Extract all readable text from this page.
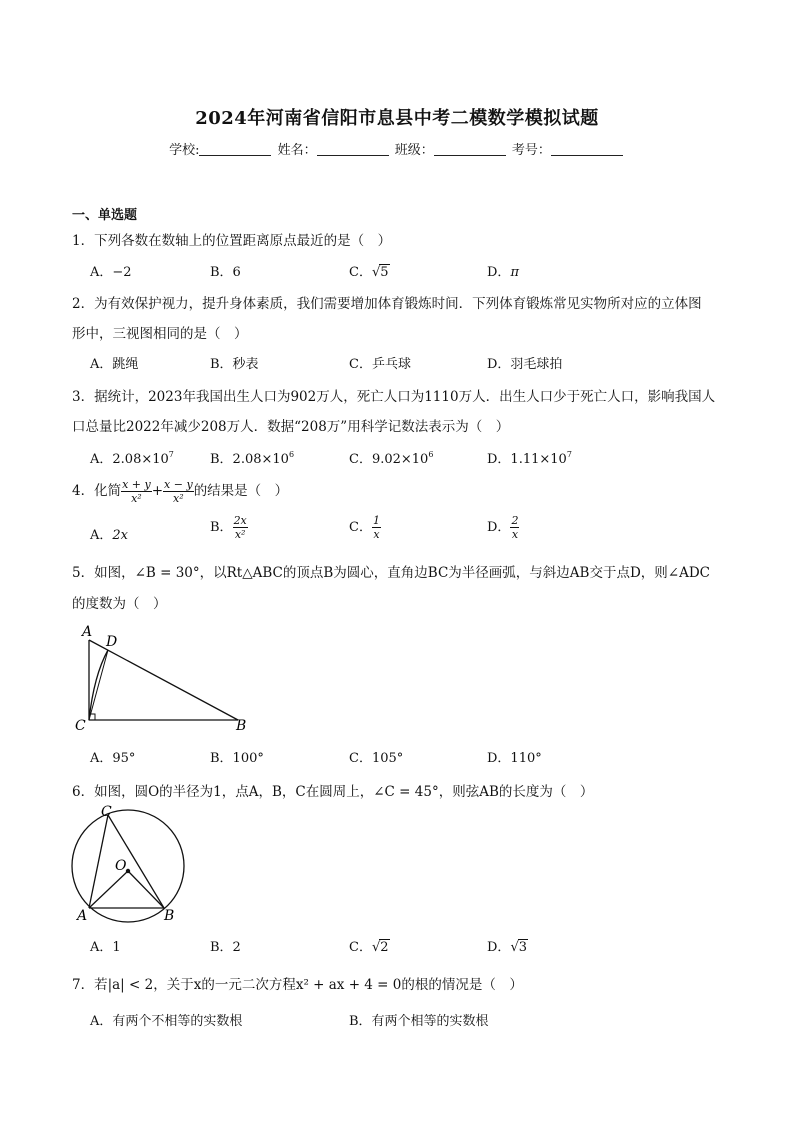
2024年河南省信阳市息县中考二模数学模拟试题
学校:	姓名：	班级：	考号：
一、单选题
1．下列各数在数轴上的位置距离原点最近的是（　）
A．−2	B．6	C．√5	D．π
2．为有效保护视力，提升身体素质，我们需要增加体育锻炼时间．下列体育锻炼常见实物所对应的立体图
形中，三视图相同的是（　）
A．跳绳	B．秒表	C．乒乓球	D．羽毛球拍
3．据统计，2023年我国出生人口为902万人，死亡人口为1110万人．出生人口少于死亡人口，影响我国人
口总量比2022年减少208万人．数据“208万”用科学记数法表示为（　）
A．$2.08\times 10^7$	B．$2.08\times 10^6$	C．$9.02\times 10^6$	D．$1.11\times 10^7$
4．化简 $\frac{x + y}{\text{x²}} + \frac{x - y}{\text{x²}}$ 的结果是（　）
A．2x
B． $\frac{2x}{\text{x²}}$	C． $\frac{1}{x}$	D． $\frac{2}{x}$
5．如图，∠B = 30°，以Rt△ABC的顶点B为圆心，直角边BC为半径画弧，与斜边AB交于点D，则∠ADC
的度数为（　）
A
D
C	B
A．95°	B．100°	C．105°	D．110°
6．如图，圆O的半径为1，点A，B，C在圆周上，∠C = 45°，则弦AB的长度为（　）
C
O
A	B
A．1	B．2	C．√2	D．√3
7．若|a| < 2，关于x的一元二次方程x² + ax + 4 = 0的根的情况是（　）
A．有两个不相等的实数根	B．有两个相等的实数根
